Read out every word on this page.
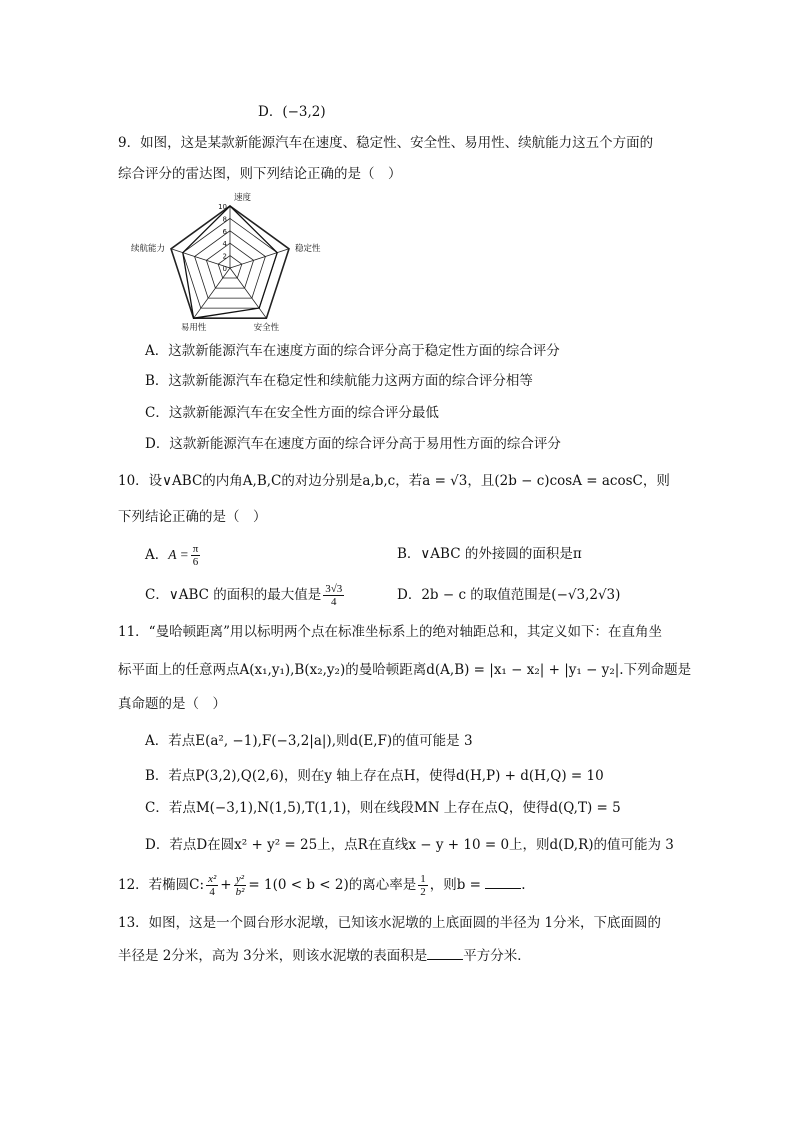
D．(−3,2)
9．如图，这是某款新能源汽车在速度、稳定性、安全性、易用性、续航能力这五个方面的
综合评分的雷达图，则下列结论正确的是（　）
0
2
4
6
8
10
速度
稳定性
安全性
易用性
续航能力
A．这款新能源汽车在速度方面的综合评分高于稳定性方面的综合评分
B．这款新能源汽车在稳定性和续航能力这两方面的综合评分相等
C．这款新能源汽车在安全性方面的综合评分最低
D．这款新能源汽车在速度方面的综合评分高于易用性方面的综合评分
10．设∨ABC的内角A,B,C的对边分别是a,b,c，若a = √3，且(2b − c)cosA = acosC，则
下列结论正确的是（　）
A．$A = \frac{\pi}{6}$	B．∨ABC 的外接圆的面积是π
C．∨ABC 的面积的最大值是 $\frac{3√3}{4}$	D．2b − c 的取值范围是(−√3,2√3)
11．“曼哈顿距离”用以标明两个点在标准坐标系上的绝对轴距总和，其定义如下：在直角坐
标平面上的任意两点A(x₁,y₁),B(x₂,y₂)的曼哈顿距离d(A,B) = |x₁ − x₂| + |y₁ − y₂|.下列命题是
真命题的是（　）
A．若点E(a², −1),F(−3,2|a|),则d(E,F)的值可能是 3
B．若点P(3,2),Q(2,6)，则在y 轴上存在点H，使得d(H,P) + d(H,Q) = 10
C．若点M(−3,1),N(1,5),T(1,1)，则在线段MN 上存在点Q，使得d(Q,T) = 5
D．若点D在圆x² + y² = 25上，点R在直线x − y + 10 = 0上，则d(D,R)的值可能为 3
12．若椭圆C: $\frac{\text{x²}}{4} + \frac{\text{y²}}{\text{b²}} = 1(0 < b < 2)$的离心率是 $\frac{1}{2}$ ，则b =	.
13．如图，这是一个圆台形水泥墩，已知该水泥墩的上底面圆的半径为 1分米，下底面圆的
半径是 2分米，高为 3分米，则该水泥墩的表面积是	平方分米．
